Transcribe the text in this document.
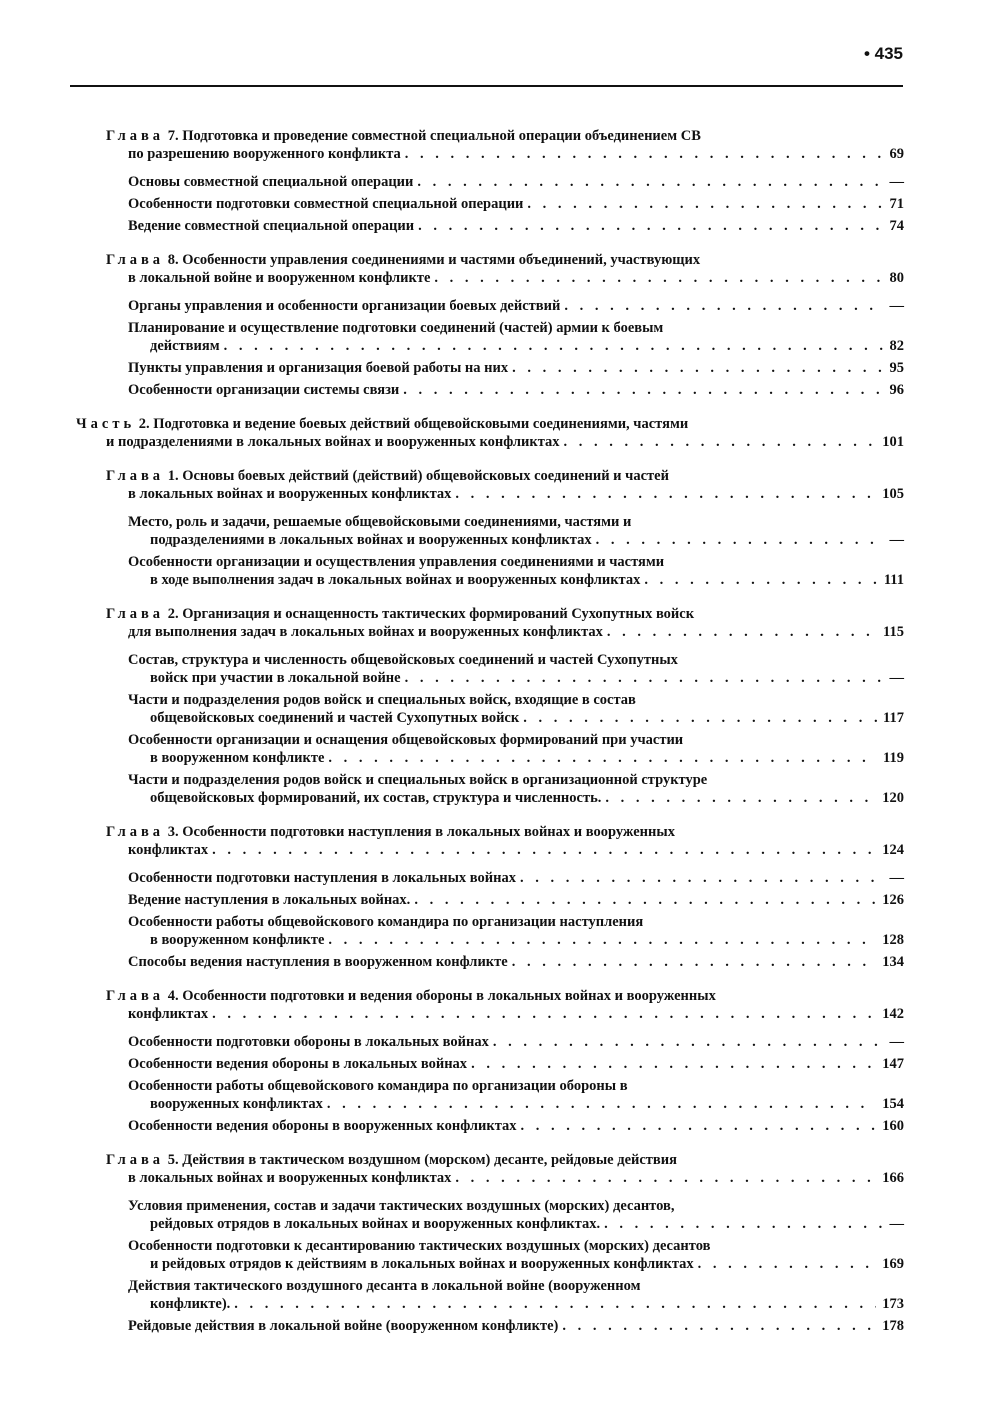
• 435
Глава 7. Подготовка и проведение совместной специальной операции объединением СВ
по разрешению вооруженного конфликта . . .	69
Основы совместной специальной операции . . .	—
Особенности подготовки совместной специальной операции . . .	71
Ведение совместной специальной операции . . .	74
Глава 8. Особенности управления соединениями и частями объединений, участвующих
в локальной войне и вооруженном конфликте . . .	80
Органы управления и особенности организации боевых действий . . .	—
Планирование и осуществление подготовки соединений (частей) армии к боевым
действиям . . .	82
Пункты управления и организация боевой работы на них . . .	95
Особенности организации системы связи . . .	96
Часть 2. Подготовка и ведение боевых действий общевойсковыми соединениями, частями
и подразделениями в локальных войнах и вооруженных конфликтах . . .	101
Глава 1. Основы боевых действий (действий) общевойсковых соединений и частей
в локальных войнах и вооруженных конфликтах . . .	105
Место, роль и задачи, решаемые общевойсковыми соединениями, частями и
подразделениями в локальных войнах и вооруженных конфликтах . . .	—
Особенности организации и осуществления управления соединениями и частями
в ходе выполнения задач в локальных войнах и вооруженных конфликтах . . .	111
Глава 2. Организация и оснащенность тактических формирований Сухопутных войск
для выполнения задач в локальных войнах и вооруженных конфликтах . . .	115
Состав, структура и численность общевойсковых соединений и частей Сухопутных
войск при участии в локальной войне . . .	—
Части и подразделения родов войск и специальных войск, входящие в состав
общевойсковых соединений и частей Сухопутных войск . . .	117
Особенности организации и оснащения общевойсковых формирований при участии
в вооруженном конфликте . . .	119
Части и подразделения родов войск и специальных войск в организационной структуре
общевойсковых формирований, их состав, структура и численность. . . .	120
Глава 3. Особенности подготовки наступления в локальных войнах и вооруженных
конфликтах . . .	124
Особенности подготовки наступления в локальных войнах . . .	—
Ведение наступления в локальных войнах. . . .	126
Особенности работы общевойскового командира по организации наступления
в вооруженном конфликте . . .	128
Способы ведения наступления в вооруженном конфликте . . .	134
Глава 4. Особенности подготовки и ведения обороны в локальных войнах и вооруженных
конфликтах . . .	142
Особенности подготовки обороны в локальных войнах . . .	—
Особенности ведения обороны в локальных войнах . . .	147
Особенности работы общевойскового командира по организации обороны в
вооруженных конфликтах . . .	154
Особенности ведения обороны в вооруженных конфликтах . . .	160
Глава 5. Действия в тактическом воздушном (морском) десанте, рейдовые действия
в локальных войнах и вооруженных конфликтах . . .	166
Условия применения, состав и задачи тактических воздушных (морских) десантов,
рейдовых отрядов в локальных войнах и вооруженных конфликтах. . . .	—
Особенности подготовки к десантированию тактических воздушных (морских) десантов
и рейдовых отрядов к действиям в локальных войнах и вооруженных конфликтах . . .	169
Действия тактического воздушного десанта в локальной войне (вооруженном
конфликте). . . .	173
Рейдовые действия в локальной войне (вооруженном конфликте) . . .	178
